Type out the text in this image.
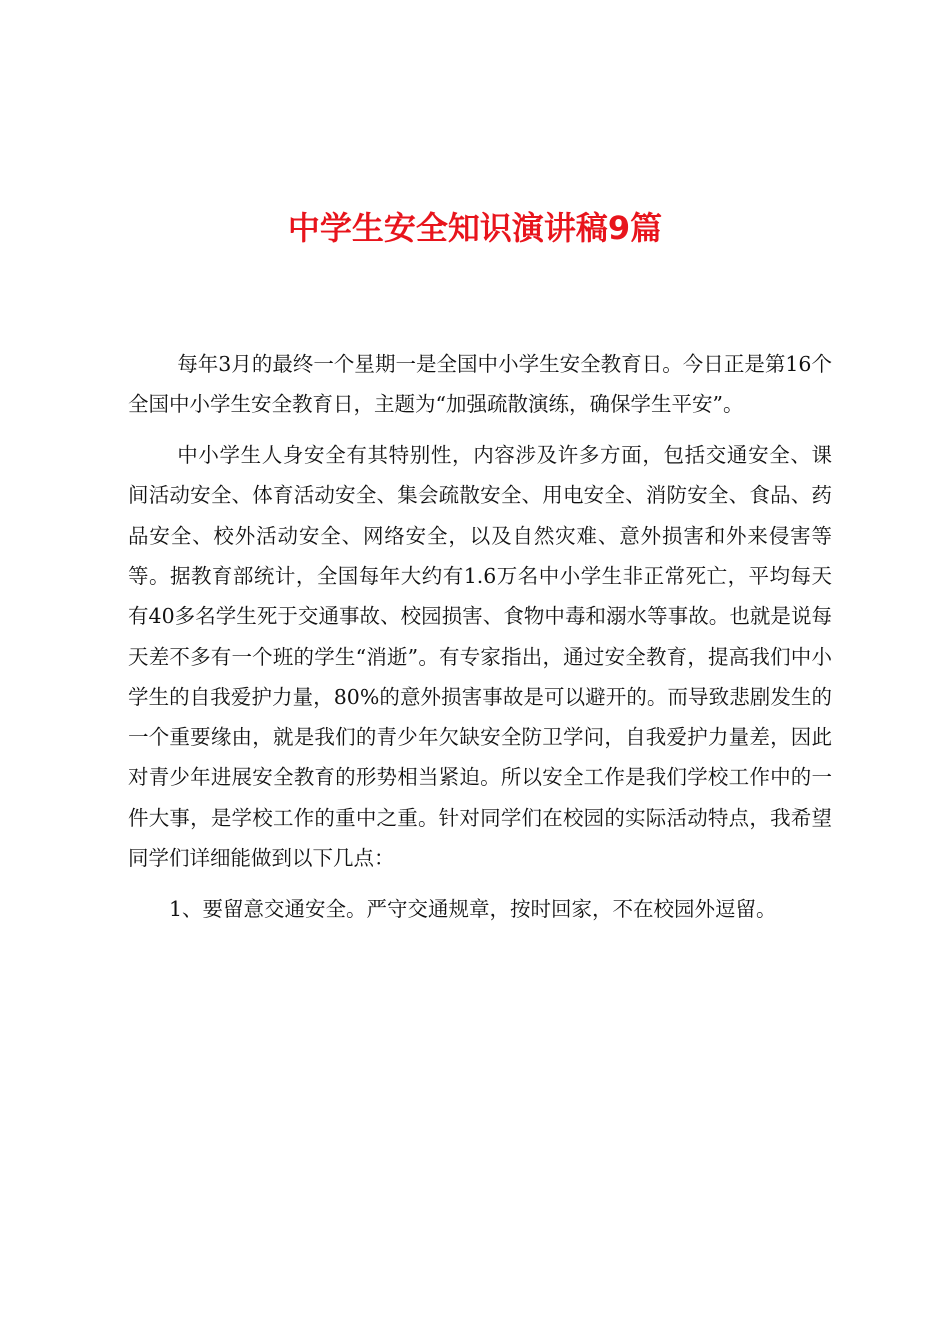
中学生安全知识演讲稿9篇

每年3月的最终一个星期一是全国中小学生安全教育日。今日正是第16个全国中小学生安全教育日，主题为“加强疏散演练，确保学生平安”。

中小学生人身安全有其特别性，内容涉及许多方面，包括交通安全、课间活动安全、体育活动安全、集会疏散安全、用电安全、消防安全、食品、药品安全、校外活动安全、网络安全，以及自然灾难、意外损害和外来侵害等等。据教育部统计，全国每年大约有1.6万名中小学生非正常死亡，平均每天有40多名学生死于交通事故、校园损害、食物中毒和溺水等事故。也就是说每天差不多有一个班的学生“消逝”。有专家指出，通过安全教育，提高我们中小学生的自我爱护力量，80%的意外损害事故是可以避开的。而导致悲剧发生的一个重要缘由，就是我们的青少年欠缺安全防卫学问，自我爱护力量差，因此对青少年进展安全教育的形势相当紧迫。所以安全工作是我们学校工作中的一件大事，是学校工作的重中之重。针对同学们在校园的实际活动特点，我希望同学们详细能做到以下几点：

1、要留意交通安全。严守交通规章，按时回家，不在校园外逗留。
